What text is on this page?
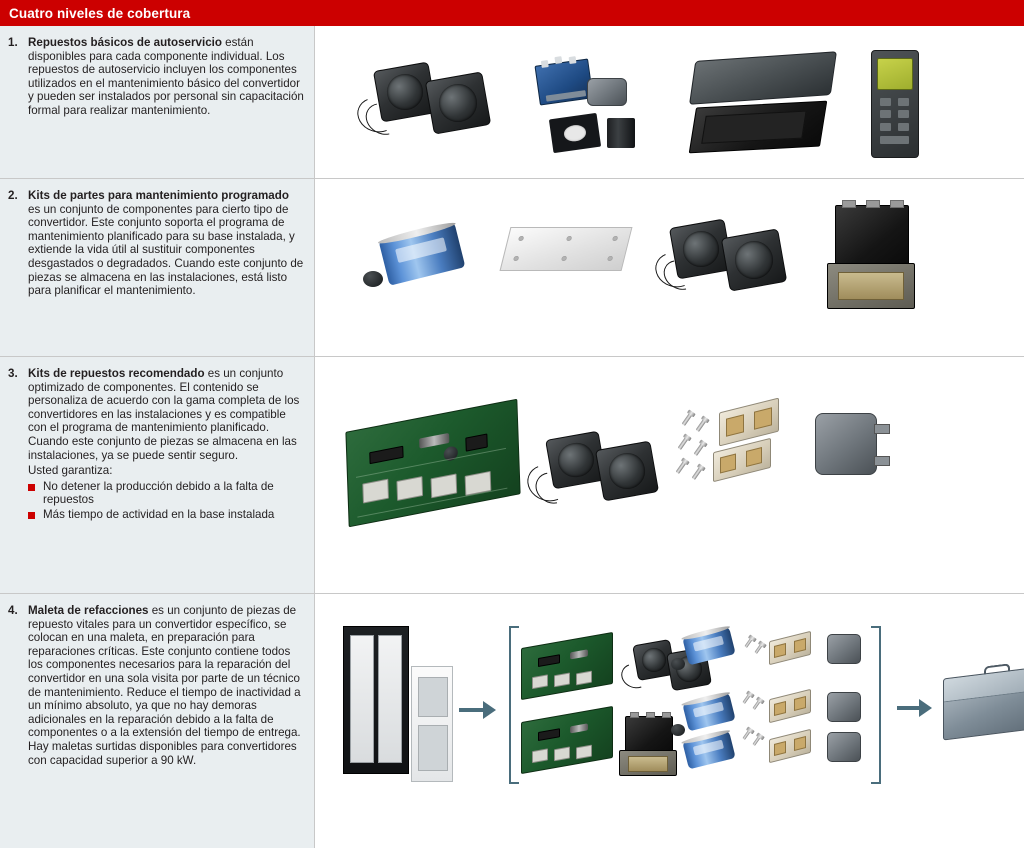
Cuatro niveles de cobertura
1. Repuestos básicos de autoservicio están disponibles para cada componente individual. Los repuestos de autoservicio incluyen los componentes utilizados en el mantenimiento básico del convertidor y pueden ser instalados por personal sin capacitación formal para realizar mantenimiento.
2. Kits de partes para mantenimiento programado es un conjunto de componentes para cierto tipo de convertidor. Este conjunto soporta el programa de mantenimiento planificado para su base instalada, y extiende la vida útil al sustituir componentes desgastados o degradados. Cuando este conjunto de piezas se almacena en las instalaciones, está listo para planificar el mantenimiento.
3. Kits de repuestos recomendado es un conjunto optimizado de componentes. El contenido se personaliza de acuerdo con la gama completa de los convertidores en las instalaciones y es compatible con el programa de mantenimiento planificado. Cuando este conjunto de piezas se almacena en las instalaciones, ya se puede sentir seguro.
Usted garantiza:
No detener la producción debido a la falta de repuestos
Más tiempo de actividad en la base instalada
4. Maleta de refacciones es un conjunto de piezas de repuesto vitales para un convertidor específico, se colocan en una maleta, en preparación para reparaciones críticas. Este conjunto contiene todos los componentes necesarios para la reparación del convertidor en una sola visita por parte de un técnico de mantenimiento. Reduce el tiempo de inactividad a un mínimo absoluto, ya que no hay demoras adicionales en la reparación debido a la falta de componentes o a la extensión del tiempo de entrega. Hay maletas surtidas disponibles para convertidores con capacidad superior a 90 kW.
